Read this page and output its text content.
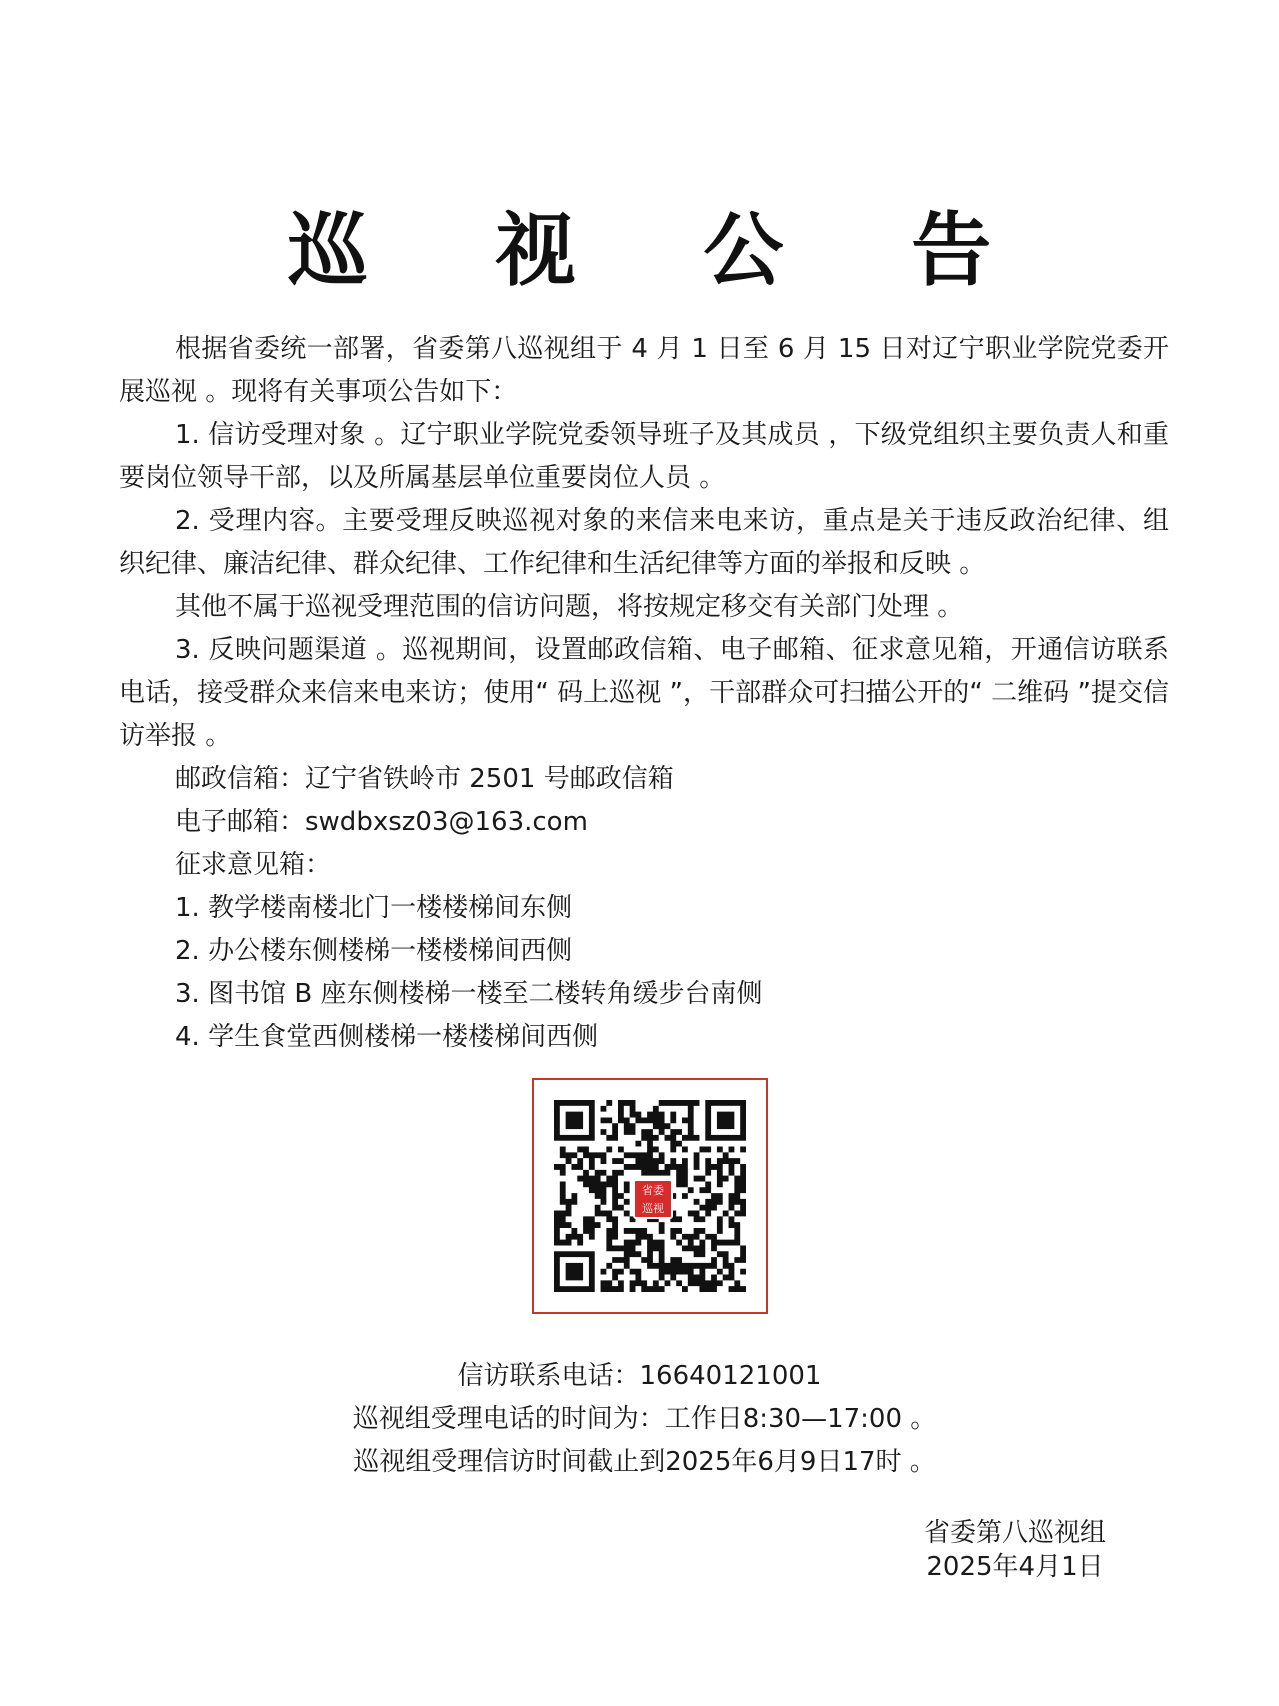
巡 视 公 告

根据省委统一部署，省委第八巡视组于 4 月 1 日至 6 月 15 日对辽宁职业学院党委开展巡视 。现将有关事项公告如下：

1. 信访受理对象 。辽宁职业学院党委领导班子及其成员 ，下级党组织主要负责人和重要岗位领导干部，以及所属基层单位重要岗位人员 。

2. 受理内容。主要受理反映巡视对象的来信来电来访，重点是关于违反政治纪律、组织纪律、廉洁纪律、群众纪律、工作纪律和生活纪律等方面的举报和反映 。

其他不属于巡视受理范围的信访问题，将按规定移交有关部门处理 。

3. 反映问题渠道 。巡视期间，设置邮政信箱、电子邮箱、征求意见箱，开通信访联系电话，接受群众来信来电来访；使用“ 码上巡视 ”，干部群众可扫描公开的“ 二维码 ”提交信访举报 。

邮政信箱：辽宁省铁岭市 2501 号邮政信箱

电子邮箱：swdbxsz03@163.com

征求意见箱：

1. 教学楼南楼北门一楼楼梯间东侧

2. 办公楼东侧楼梯一楼楼梯间西侧

3. 图书馆 B 座东侧楼梯一楼至二楼转角缓步台南侧

4. 学生食堂西侧楼梯一楼楼梯间西侧

省委
巡视
信访联系电话：16640121001
巡视组受理电话的时间为：工作日8:30—17:00 。
巡视组受理信访时间截止到2025年6月9日17时 。
省委第八巡视组
2025年4月1日
